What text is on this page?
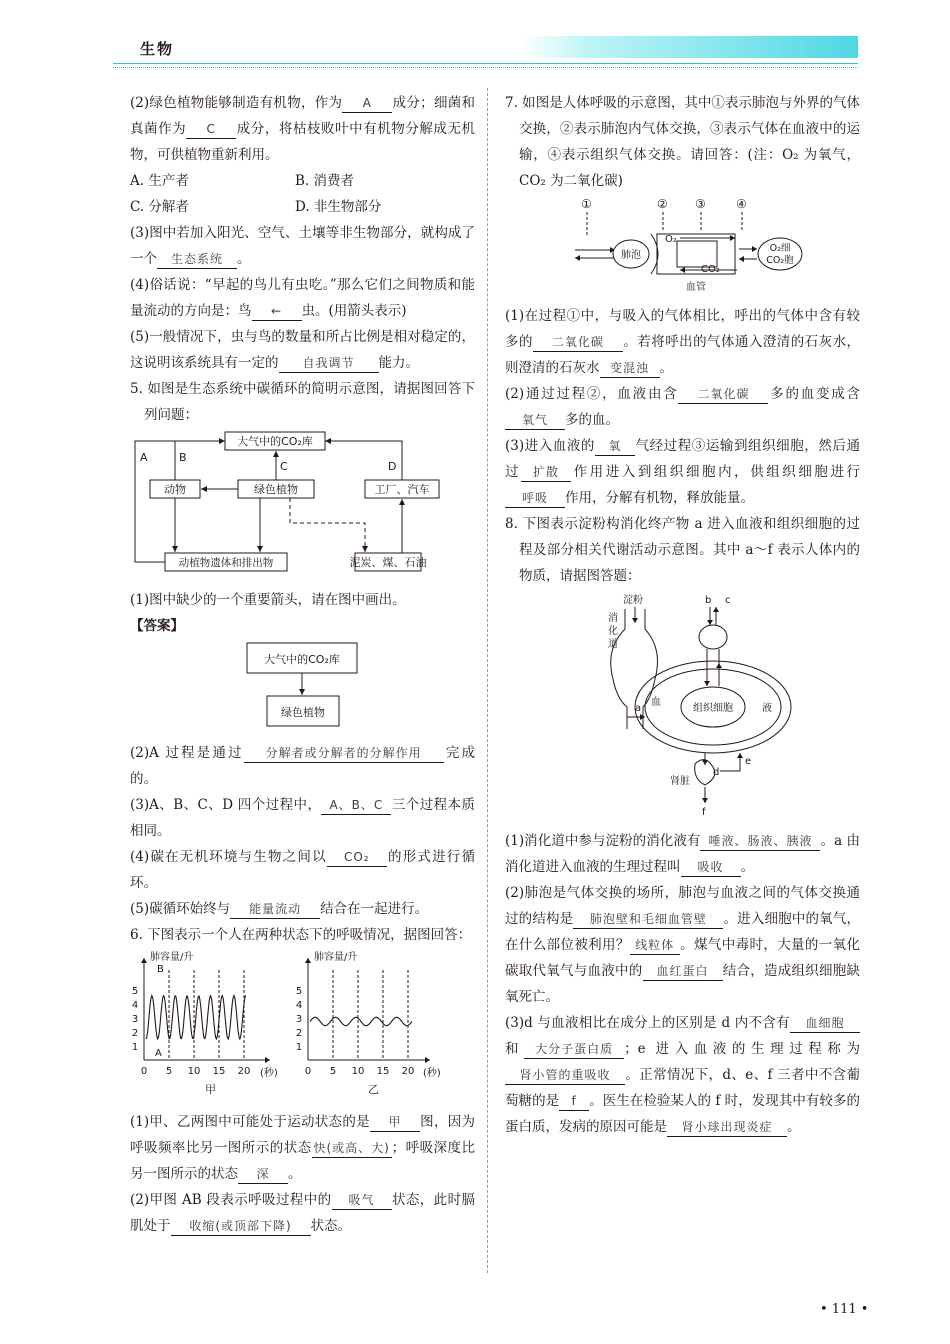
生物

(2)绿色植物能够制造有机物，作为 A 成分；细菌和真菌作为 C 成分，将枯枝败叶中有机物分解成无机物，可供植物重新利用。

A. 生产者	B. 消费者
C. 分解者	D. 非生物部分

(3)图中若加入阳光、空气、土壤等非生物部分，就构成了一个 生态系统 。

(4)俗话说：“早起的鸟儿有虫吃。”那么它们之间物质和能量流动的方向是：鸟 ← 虫。(用箭头表示)

(5)一般情况下，虫与鸟的数量和所占比例是相对稳定的，这说明该系统具有一定的 自我调节 能力。

5. 如图是生态系统中碳循环的简明示意图，请据图回答下列问题：

大气中的CO₂库
动物	绿色植物	工厂、汽车
动植物遗体和排出物	泥炭、煤、石油
A	B
C	D

(1)图中缺少的一个重要箭头，请在图中画出。

【答案】

大气中的CO₂库
绿色植物

(2)A 过程是通过 分解者或分解者的分解作用 完成的。

(3)A、B、C、D 四个过程中， A、B、C 三个过程本质相同。

(4)碳在无机环境与生物之间以 CO₂ 的形式进行循环。

(5)碳循环始终与 能量流动 结合在一起进行。

6. 下图表示一个人在两种状态下的呼吸情况，据图回答：

肺容量/升
(秒)
甲
B
A
1
2
3
4
5
0 5 10 15 20
肺容量/升
(秒)
乙
1
2
3
4
5
0 5 10 15 20

(1)甲、乙两图中可能处于运动状态的是 甲 图，因为呼吸频率比另一图所示的状态 快(或高、大) ；呼吸深度比另一图所示的状态 深 。

(2)甲图 AB 段表示呼吸过程中的 吸气 状态，此时膈肌处于 收缩(或顶部下降) 状态。

7. 如图是人体呼吸的示意图，其中①表示肺泡与外界的气体交换，②表示肺泡内气体交换，③表示气体在血液中的运输，④表示组织气体交换。请回答：(注：O₂ 为氧气，CO₂ 为二氧化碳)

①	② ③	④
肺泡
O₂
CO₂
血管
O₂细
CO₂胞

(1)在过程①中，与吸入的气体相比，呼出的气体中含有较多的 二氧化碳 。若将呼出的气体通入澄清的石灰水，则澄清的石灰水 变混浊 。

(2)通过过程②，血液由含 二氧化碳 多的血变成含氧气 多的血。

(3)进入血液的 氧 气经过程③运输到组织细胞，然后通过 扩散 作用进入到组织细胞内，供组织细胞进行呼吸 作用，分解有机物，释放能量。

8. 下图表示淀粉构消化终产物 a 进入血液和组织细胞的过程及部分相关代谢活动示意图。其中 a～f 表示人体内的物质，请据图答题：

淀粉
消
化
道
b c
组织细胞
血
液
a
肾脏
d
e
f

(1)消化道中参与淀粉的消化液有 唾液、肠液、胰液 。a 由消化道进入血液的生理过程叫 吸收 。

(2)肺泡是气体交换的场所，肺泡与血液之间的气体交换通过的结构是 肺泡壁和毛细血管壁 。进入细胞中的氧气，在什么部位被利用？ 线粒体 。煤气中毒时，大量的一氧化碳取代氧气与血液中的 血红蛋白 结合，造成组织细胞缺氧死亡。

(3)d 与血液相比在成分上的区别是 d 内不含有 血细胞和 大分子蛋白质 ；e 进入血液的生理过程称为肾小管的重吸收 。正常情况下，d、e、f 三者中不含葡萄糖的是 f 。医生在检验某人的 f 时，发现其中有较多的蛋白质，发病的原因可能是 肾小球出现炎症 。

• 111 •
